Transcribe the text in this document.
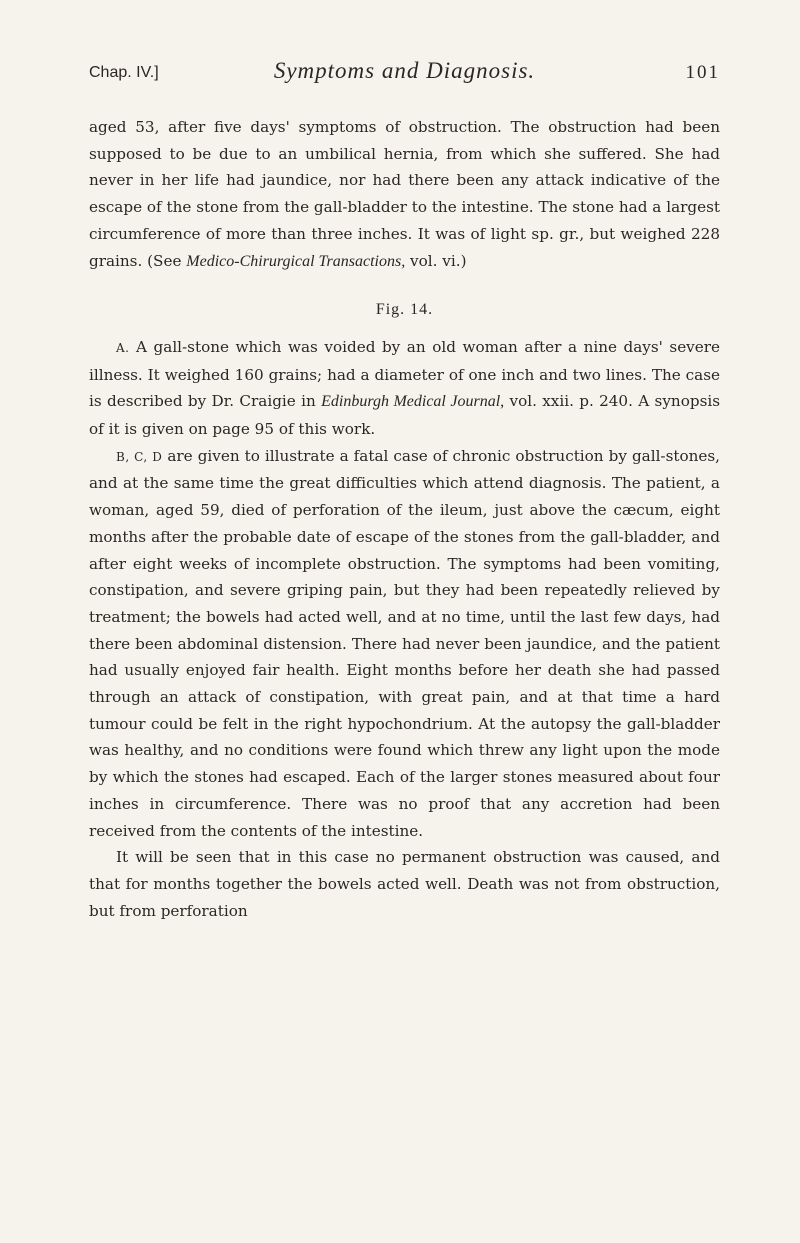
Chap. IV.]	Symptoms and Diagnosis.	101

aged 53, after five days' symptoms of obstruction. The obstruction had been supposed to be due to an umbilical hernia, from which she suffered. She had never in her life had jaundice, nor had there been any attack indicative of the escape of the stone from the gall-bladder to the intestine. The stone had a largest circumference of more than three inches. It was of light sp. gr., but weighed 228 grains. (See Medico-Chirurgical Transactions, vol. vi.)

Fig. 14.

A. A gall-stone which was voided by an old woman after a nine days' severe illness. It weighed 160 grains; had a diameter of one inch and two lines. The case is described by Dr. Craigie in Edinburgh Medical Journal, vol. xxii. p. 240. A synopsis of it is given on page 95 of this work.

B, C, D are given to illustrate a fatal case of chronic obstruction by gall-stones, and at the same time the great difficulties which attend diagnosis. The patient, a woman, aged 59, died of perforation of the ileum, just above the cæcum, eight months after the probable date of escape of the stones from the gall-bladder, and after eight weeks of incomplete obstruction. The symptoms had been vomiting, constipation, and severe griping pain, but they had been repeatedly relieved by treatment; the bowels had acted well, and at no time, until the last few days, had there been abdominal distension. There had never been jaundice, and the patient had usually enjoyed fair health. Eight months before her death she had passed through an attack of constipation, with great pain, and at that time a hard tumour could be felt in the right hypochondrium. At the autopsy the gall-bladder was healthy, and no conditions were found which threw any light upon the mode by which the stones had escaped. Each of the larger stones measured about four inches in circumference. There was no proof that any accretion had been received from the contents of the intestine.

It will be seen that in this case no permanent obstruction was caused, and that for months together the bowels acted well. Death was not from obstruction, but from perforation
